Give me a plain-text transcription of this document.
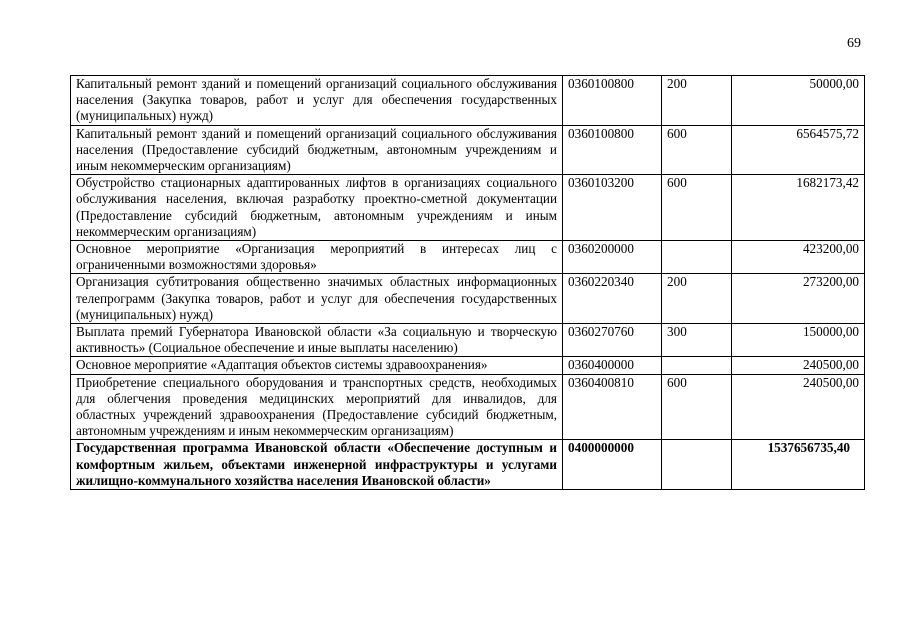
69
Капитальный ремонт зданий и помещений организаций социального обслуживания населения (Закупка товаров, работ и услуг для обеспечения государственных (муниципальных) нужд)	0360100800	200	50000,00
Капитальный ремонт зданий и помещений организаций социального обслуживания населения (Предоставление субсидий бюджетным, автономным учреждениям и иным некоммерческим организациям)	0360100800	600	6564575,72
Обустройство стационарных адаптированных лифтов в организациях социального обслуживания населения, включая разработку проектно-сметной документации (Предоставление субсидий бюджетным, автономным учреждениям и иным некоммерческим организациям)	0360103200	600	1682173,42
Основное мероприятие «Организация мероприятий в интересах лиц с ограниченными возможностями здоровья»	0360200000		423200,00
Организация субтитрования общественно значимых областных информационных телепрограмм (Закупка товаров, работ и услуг для обеспечения государственных (муниципальных) нужд)	0360220340	200	273200,00
Выплата премий Губернатора Ивановской области «За социальную и творческую активность» (Социальное обеспечение и иные выплаты населению)	0360270760	300	150000,00
Основное мероприятие «Адаптация объектов системы здравоохранения»	0360400000		240500,00
Приобретение специального оборудования и транспортных средств, необходимых для облегчения проведения медицинских мероприятий для инвалидов, для областных учреждений здравоохранения (Предоставление субсидий бюджетным, автономным учреждениям и иным некоммерческим организациям)	0360400810	600	240500,00
Государственная программа Ивановской области «Обеспечение доступным и комфортным жильем, объектами инженерной инфраструктуры и услугами жилищно-коммунального хозяйства населения Ивановской области»	0400000000		1537656735,40
